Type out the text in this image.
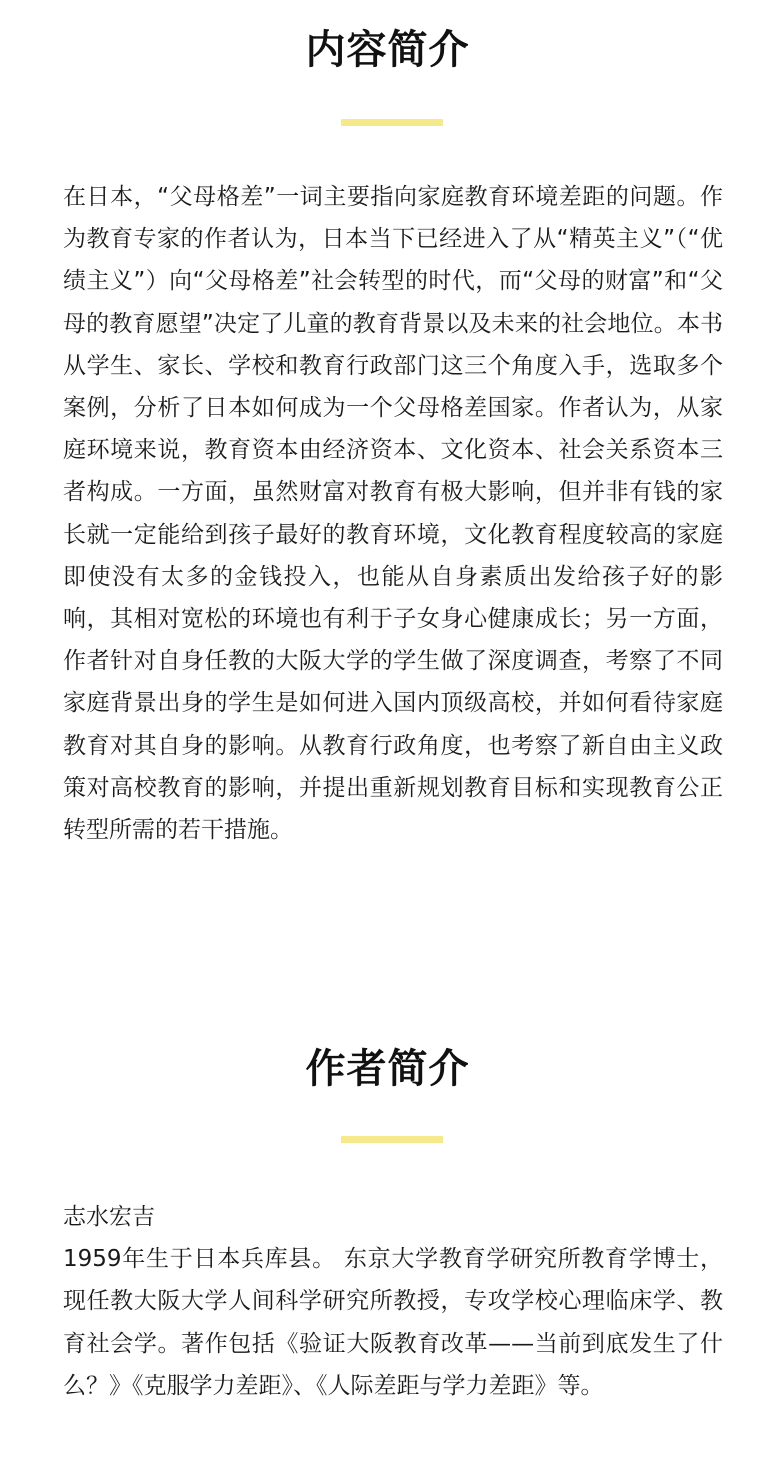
内容简介

在日本，“父母格差”一词主要指向家庭教育环境差距的问题。作为教育专家的作者认为，日本当下已经进入了从“精英主义”（“优绩主义”）向“父母格差”社会转型的时代，而“父母的财富”和“父母的教育愿望”决定了儿童的教育背景以及未来的社会地位。本书从学生、家长、学校和教育行政部门这三个角度入手，选取多个案例，分析了日本如何成为一个父母格差国家。作者认为，从家庭环境来说，教育资本由经济资本、文化资本、社会关系资本三者构成。一方面，虽然财富对教育有极大影响，但并非有钱的家长就一定能给到孩子最好的教育环境，文化教育程度较高的家庭即使没有太多的金钱投入，也能从自身素质出发给孩子好的影响，其相对宽松的环境也有利于子女身心健康成长；另一方面，作者针对自身任教的大阪大学的学生做了深度调查，考察了不同家庭背景出身的学生是如何进入国内顶级高校，并如何看待家庭教育对其自身的影响。从教育行政角度，也考察了新自由主义政策对高校教育的影响，并提出重新规划教育目标和实现教育公正转型所需的若干措施。

作者简介
志水宏吉
1959年生于日本兵库县。 东京大学教育学研究所教育学博士，现任教大阪大学人间科学研究所教授，专攻学校心理临床学、教育社会学。著作包括《验证大阪教育改革——当前到底发生了什么？》《克服学力差距》、《人际差距与学力差距》等。
